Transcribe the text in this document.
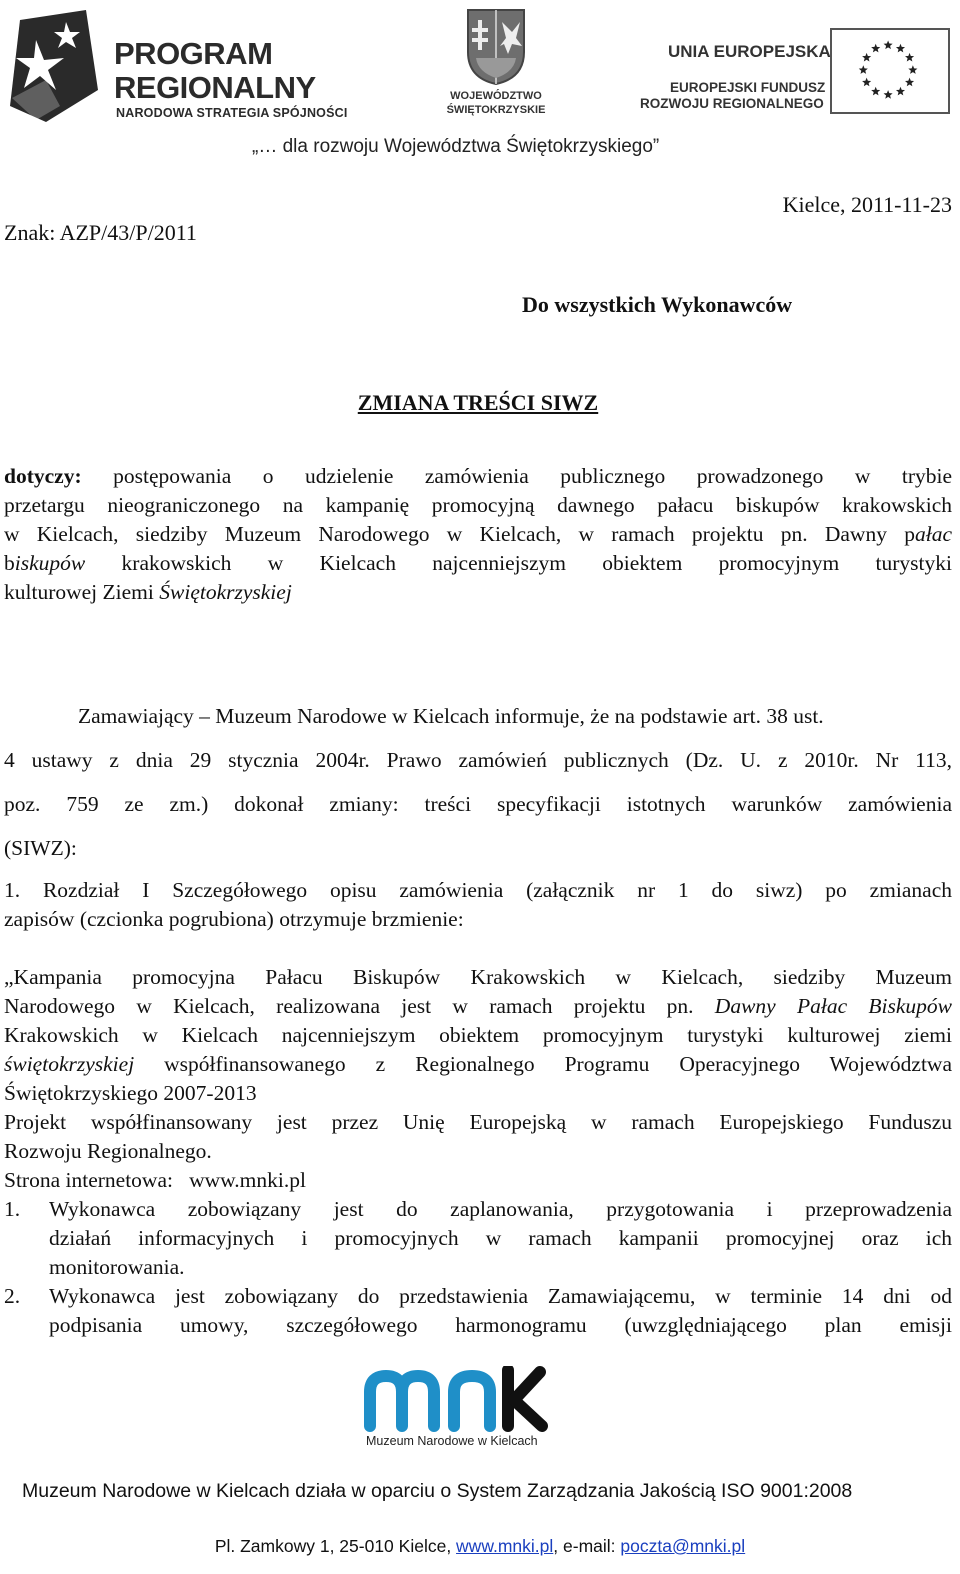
PROGRAM
REGIONALNY
NARODOWA STRATEGIA SPÓJNOŚCI
WOJEWÓDZTWO
ŚWIĘTOKRZYSKIE
UNIA EUROPEJSKA
EUROPEJSKI FUNDUSZ
ROZWOJU REGIONALNEGO
„… dla rozwoju Województwa Świętokrzyskiego”
Kielce, 2011-11-23
Znak: AZP/43/P/2011
Do wszystkich Wykonawców
ZMIANA TREŚCI SIWZ
dotyczy: postępowania o udzielenie zamówienia publicznego prowadzonego w trybie
przetargu nieograniczonego na kampanię promocyjną dawnego pałacu biskupów krakowskich
w Kielcach, siedziby Muzeum Narodowego w Kielcach, w ramach projektu pn. Dawny pałac
biskupów krakowskich w Kielcach najcenniejszym obiektem promocyjnym turystyki
kulturowej Ziemi Świętokrzyskiej
Zamawiający – Muzeum Narodowe w Kielcach informuje, że na podstawie art. 38 ust.
4 ustawy z dnia 29 stycznia 2004r. Prawo zamówień publicznych (Dz. U. z 2010r. Nr 113,
poz. 759 ze zm.) dokonał zmiany: treści specyfikacji istotnych warunków zamówienia
(SIWZ):
1. Rozdział I Szczegółowego opisu zamówienia (załącznik nr 1 do siwz) po zmianach
zapisów (czcionka pogrubiona) otrzymuje brzmienie:
„Kampania promocyjna Pałacu Biskupów Krakowskich w Kielcach, siedziby Muzeum
Narodowego w Kielcach, realizowana jest w ramach projektu pn. Dawny Pałac Biskupów
Krakowskich w Kielcach najcenniejszym obiektem promocyjnym turystyki kulturowej ziemi
świętokrzyskiej współfinansowanego z Regionalnego Programu Operacyjnego Województwa
Świętokrzyskiego 2007-2013
Projekt współfinansowany jest przez Unię Europejską w ramach Europejskiego Funduszu
Rozwoju Regionalnego.
Strona internetowa:   www.mnki.pl
1.	Wykonawca zobowiązany jest do zaplanowania, przygotowania i przeprowadzenia
działań informacyjnych i promocyjnych w ramach kampanii promocyjnej oraz ich
monitorowania.
2.	Wykonawca jest zobowiązany do przedstawienia Zamawiającemu, w terminie 14 dni od
podpisania umowy, szczegółowego harmonogramu (uwzględniającego plan emisji
Muzeum Narodowe w Kielcach
Muzeum Narodowe w Kielcach działa w oparciu o System Zarządzania Jakością ISO 9001:2008
Pl. Zamkowy 1, 25-010 Kielce, www.mnki.pl, e-mail: poczta@mnki.pl
